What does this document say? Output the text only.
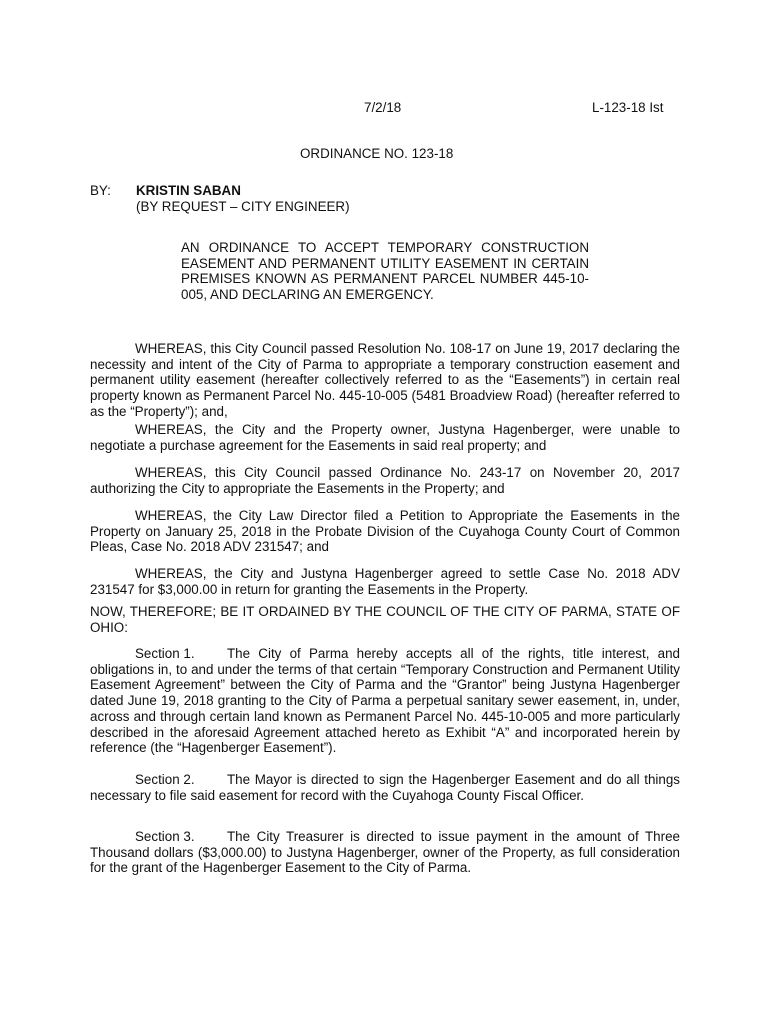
7/2/18	L-123-18 Ist
ORDINANCE NO. 123-18
BY: KRISTIN SABAN
(BY REQUEST – CITY ENGINEER)
AN ORDINANCE TO ACCEPT TEMPORARY CONSTRUCTION EASEMENT AND PERMANENT UTILITY EASEMENT IN CERTAIN PREMISES KNOWN AS PERMANENT PARCEL NUMBER 445-10-005, AND DECLARING AN EMERGENCY.
WHEREAS, this City Council passed Resolution No. 108-17 on June 19, 2017 declaring the necessity and intent of the City of Parma to appropriate a temporary construction easement and permanent utility easement (hereafter collectively referred to as the “Easements”) in certain real property known as Permanent Parcel No. 445-10-005 (5481 Broadview Road) (hereafter referred to as the “Property”); and,
WHEREAS, the City and the Property owner, Justyna Hagenberger, were unable to negotiate a purchase agreement for the Easements in said real property; and
WHEREAS, this City Council passed Ordinance No. 243-17 on November 20, 2017 authorizing the City to appropriate the Easements in the Property; and
WHEREAS, the City Law Director filed a Petition to Appropriate the Easements in the Property on January 25, 2018 in the Probate Division of the Cuyahoga County Court of Common Pleas, Case No. 2018 ADV 231547; and
WHEREAS, the City and Justyna Hagenberger agreed to settle Case No. 2018 ADV 231547 for $3,000.00 in return for granting the Easements in the Property.
NOW, THEREFORE; BE IT ORDAINED BY THE COUNCIL OF THE CITY OF PARMA, STATE OF OHIO:
Section 1. The City of Parma hereby accepts all of the rights, title interest, and obligations in, to and under the terms of that certain “Temporary Construction and Permanent Utility Easement Agreement” between the City of Parma and the “Grantor” being Justyna Hagenberger dated June 19, 2018 granting to the City of Parma a perpetual sanitary sewer easement, in, under, across and through certain land known as Permanent Parcel No. 445-10-005 and more particularly described in the aforesaid Agreement attached hereto as Exhibit “A” and incorporated herein by reference (the “Hagenberger Easement”).
Section 2. The Mayor is directed to sign the Hagenberger Easement and do all things necessary to file said easement for record with the Cuyahoga County Fiscal Officer.
Section 3. The City Treasurer is directed to issue payment in the amount of Three Thousand dollars ($3,000.00) to Justyna Hagenberger, owner of the Property, as full consideration for the grant of the Hagenberger Easement to the City of Parma.
